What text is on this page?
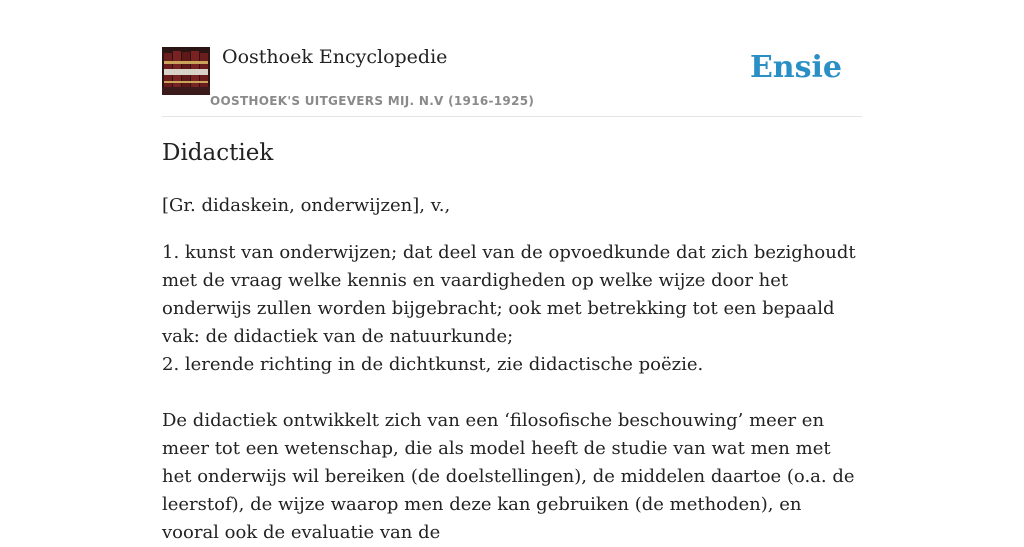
Oosthoek Encyclopedie
OOSTHOEK'S UITGEVERS MIJ. N.V (1916-1925)
Ensie
Didactiek

[Gr. didaskein, onderwijzen], v.,

1. kunst van onderwijzen; dat deel van de opvoedkunde dat zich bezighoudt met de vraag welke kennis en vaardigheden op welke wijze door het onderwijs zullen worden bijgebracht; ook met betrekking tot een bepaald vak: de didactiek van de natuurkunde;

2. lerende richting in de dichtkunst, zie didactische poëzie.

De didactiek ontwikkelt zich van een ‘filosofische beschouwing’ meer en meer tot een wetenschap, die als model heeft de studie van wat men met het onderwijs wil bereiken (de doelstellingen), de middelen daartoe (o.a. de leerstof), de wijze waarop men deze kan gebruiken (de methoden), en vooral ook de evaluatie van de
